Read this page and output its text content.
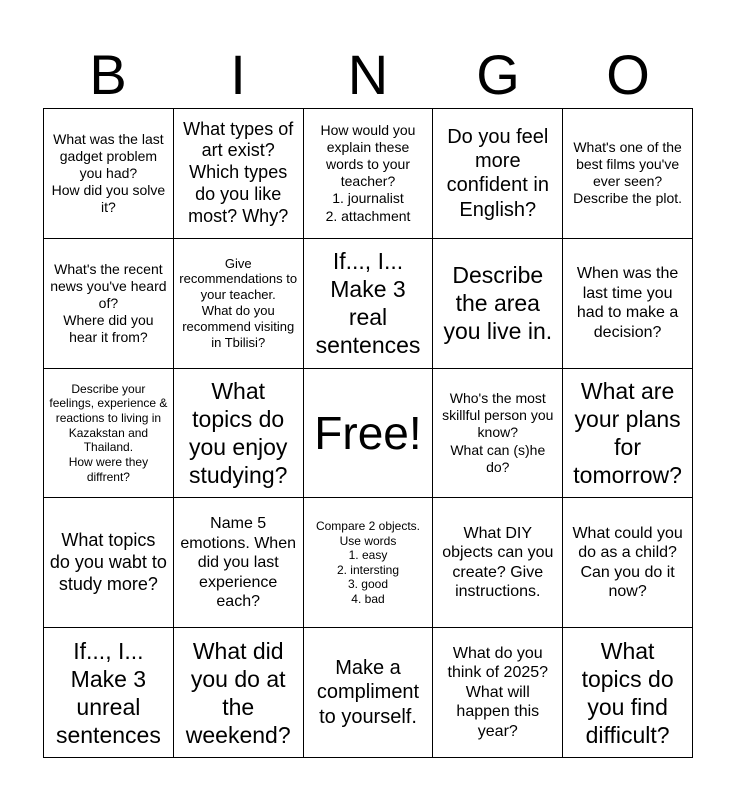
B	I	N	G	O
What was the last gadget problem you had?
How did you solve it?
What types of art exist? Which types do you like most? Why?
How would you explain these words to your teacher?
1. journalist
2. attachment
Do you feel more confident in English?
What's one of the best films you've ever seen?
Describe the plot.
What's the recent news you've heard of?
Where did you hear it from?
Give recommendations to your teacher.
What do you recommend visiting in Tbilisi?
If..., I...
Make 3 real sentences
Describe the area you live in.
When was the last time you had to make a decision?
Describe your feelings, experience & reactions to living in Kazakstan and Thailand.
How were they diffrent?
What topics do you enjoy studying?
Free!
Who's the most skillful person you know?
What can (s)he do?
What are your plans for tomorrow?
What topics do you wabt to study more?
Name 5 emotions. When did you last experience each?
Compare 2 objects.
Use words
1. easy
2. intersting
3. good
4. bad
What DIY objects can you create? Give instructions.
What could you do as a child? Can you do it now?
If..., I...
Make 3 unreal sentences
What did you do at the weekend?
Make a compliment to yourself.
What do you think of 2025? What will happen this year?
What topics do you find difficult?
